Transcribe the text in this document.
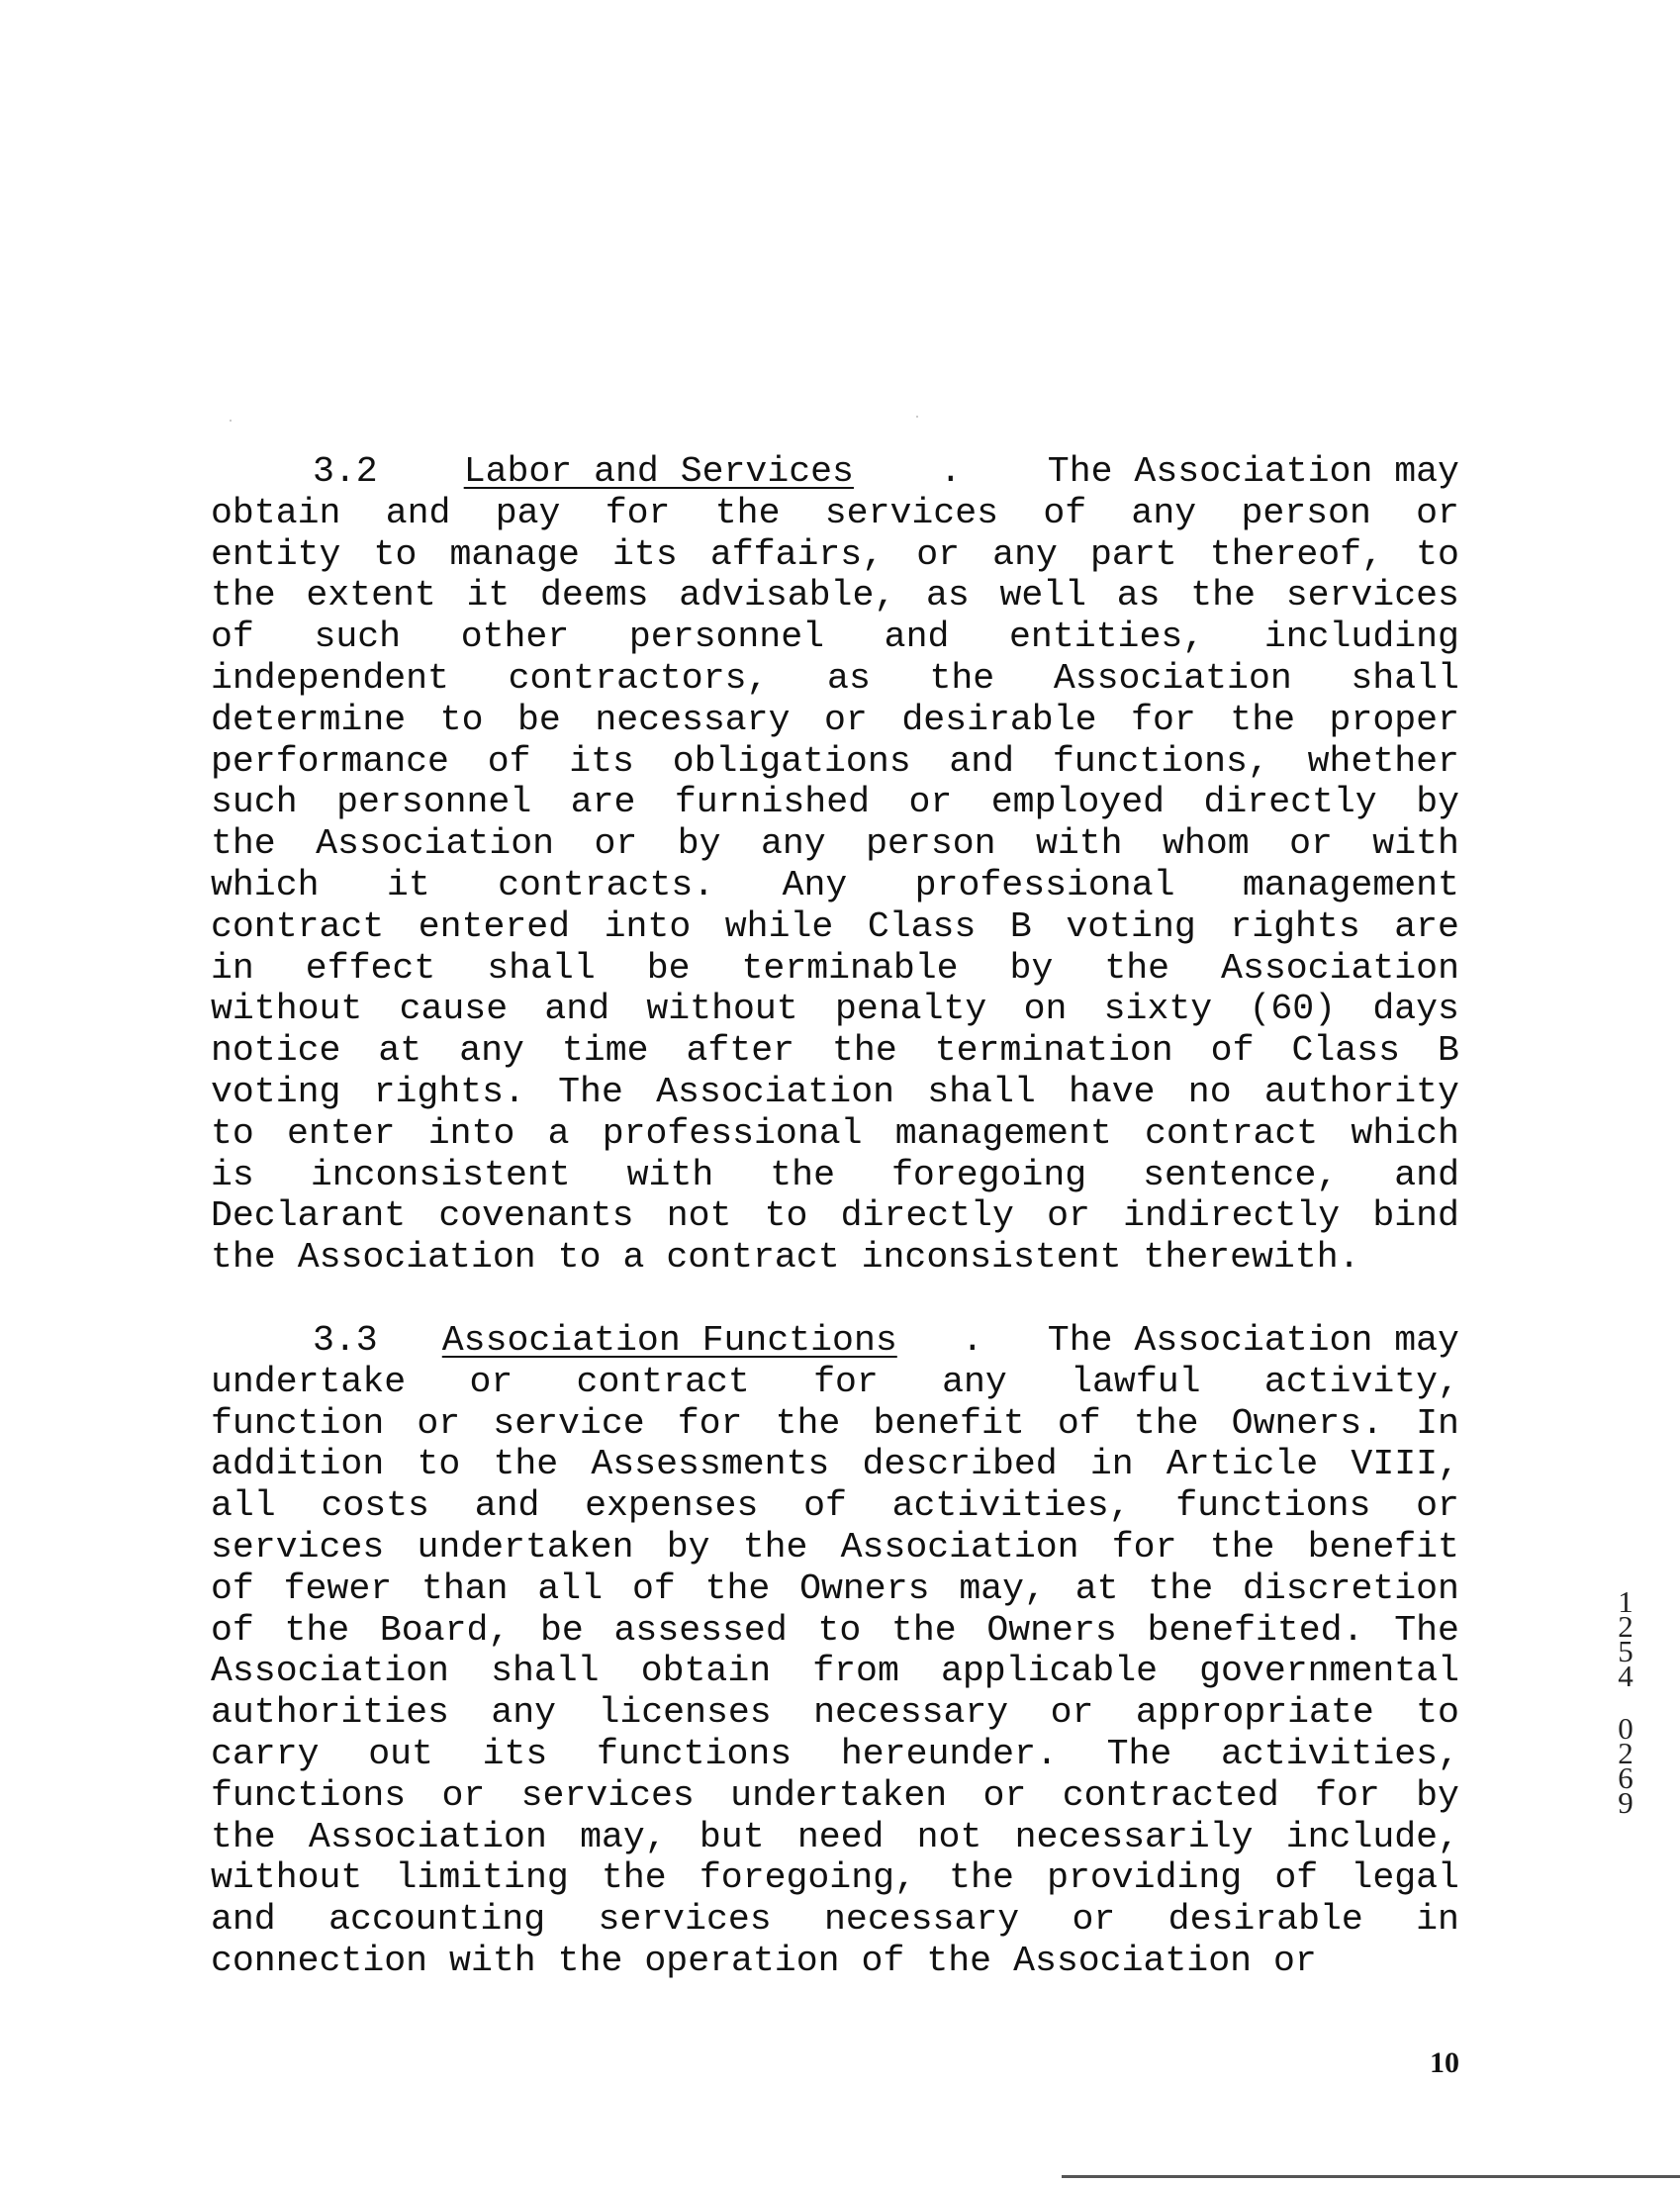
3.2 Labor and Services . The Association may
obtain and pay for the services of any person or
entity to manage its affairs, or any part thereof, to
the extent it deems advisable, as well as the services
of such other personnel and entities, including
independent contractors, as the Association shall
determine to be necessary or desirable for the proper
performance of its obligations and functions, whether
such personnel are furnished or employed directly by
the Association or by any person with whom or with
which it contracts. Any professional management
contract entered into while Class B voting rights are
in effect shall be terminable by the Association
without cause and without penalty on sixty (60) days
notice at any time after the termination of Class B
voting rights. The Association shall have no authority
to enter into a professional management contract which
is inconsistent with the foregoing sentence, and
Declarant covenants not to directly or indirectly bind
the Association to a contract inconsistent therewith.
3.3 Association Functions . The Association may
undertake or contract for any lawful activity,
function or service for the benefit of the Owners. In
addition to the Assessments described in Article VIII,
all costs and expenses of activities, functions or
services undertaken by the Association for the benefit
of fewer than all of the Owners may, at the discretion
of the Board, be assessed to the Owners benefited. The
Association shall obtain from applicable governmental
authorities any licenses necessary or appropriate to
carry out its functions hereunder. The activities,
functions or services undertaken or contracted for by
the Association may, but need not necessarily include,
without limiting the foregoing, the providing of legal
and accounting services necessary or desirable in
connection with the operation of the Association or
1
2
5
4
0
2
6
9
10
